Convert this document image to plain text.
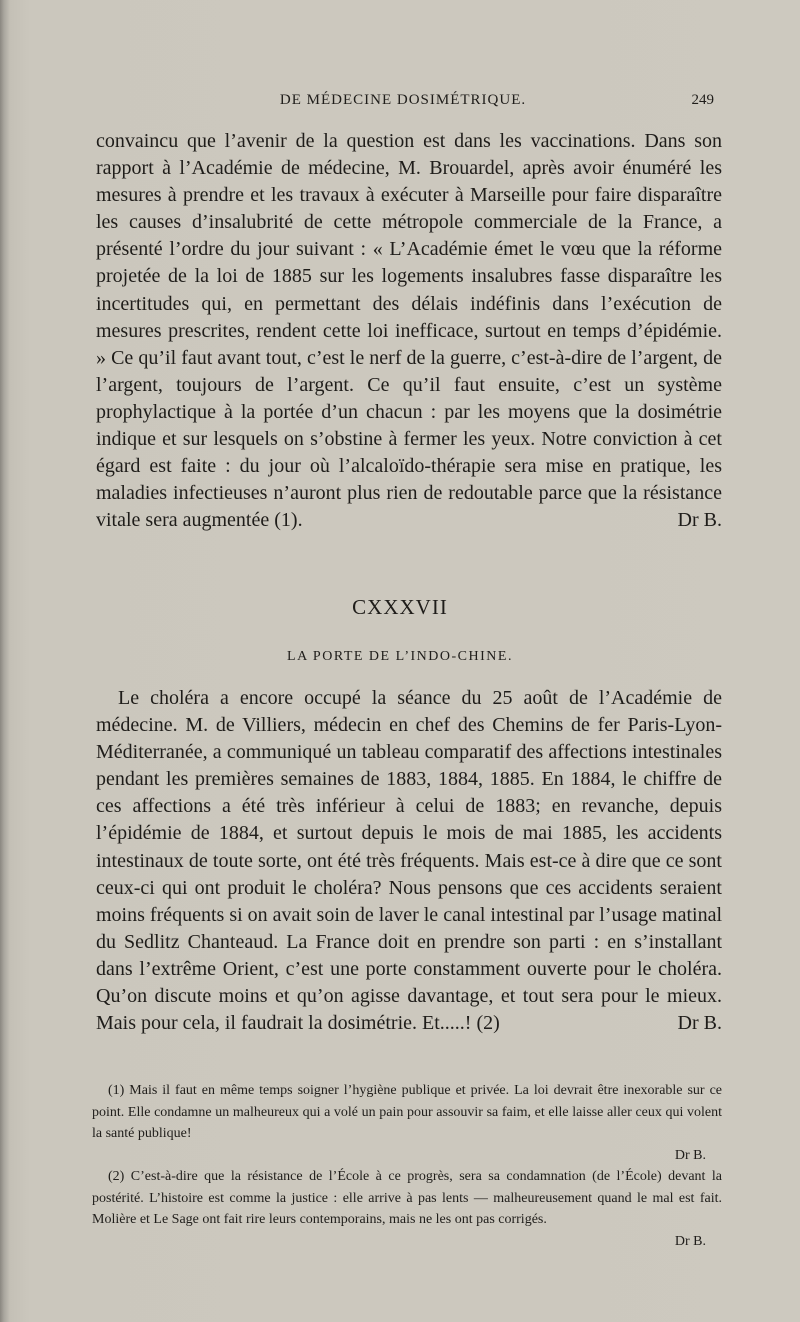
DE MÉDECINE DOSIMÉTRIQUE.	249

convaincu que l’avenir de la question est dans les vaccinations. Dans son rapport à l’Académie de médecine, M. Brouardel, après avoir énuméré les mesures à prendre et les travaux à exécuter à Marseille pour faire disparaître les causes d’insalubrité de cette métropole commerciale de la France, a présenté l’ordre du jour suivant : « L’Académie émet le vœu que la réforme projetée de la loi de 1885 sur les logements insalubres fasse disparaître les incertitudes qui, en permettant des délais indéfinis dans l’exécution de mesures prescrites, rendent cette loi inefficace, surtout en temps d’épidémie. » Ce qu’il faut avant tout, c’est le nerf de la guerre, c’est-à-dire de l’argent, de l’argent, toujours de l’argent. Ce qu’il faut ensuite, c’est un système prophylactique à la portée d’un chacun : par les moyens que la dosimétrie indique et sur lesquels on s’obstine à fermer les yeux. Notre conviction à cet égard est faite : du jour où l’alcaloïdo-thérapie sera mise en pratique, les maladies infectieuses n’auront plus rien de redoutable parce que la résistance vitale sera augmentée (1).	Dr B.

CXXXVII
LA PORTE DE L’INDO-CHINE.

Le choléra a encore occupé la séance du 25 août de l’Académie de médecine. M. de Villiers, médecin en chef des Chemins de fer Paris-Lyon-Méditerranée, a communiqué un tableau comparatif des affections intestinales pendant les premières semaines de 1883, 1884, 1885. En 1884, le chiffre de ces affections a été très inférieur à celui de 1883; en revanche, depuis l’épidémie de 1884, et surtout depuis le mois de mai 1885, les accidents intestinaux de toute sorte, ont été très fréquents. Mais est-ce à dire que ce sont ceux-ci qui ont produit le choléra? Nous pensons que ces accidents seraient moins fréquents si on avait soin de laver le canal intestinal par l’usage matinal du Sedlitz Chanteaud. La France doit en prendre son parti : en s’installant dans l’extrême Orient, c’est une porte constamment ouverte pour le choléra. Qu’on discute moins et qu’on agisse davantage, et tout sera pour le mieux. Mais pour cela, il faudrait la dosimétrie. Et.....! (2)	Dr B.

(1) Mais il faut en même temps soigner l’hygiène publique et privée. La loi devrait être inexorable sur ce point. Elle condamne un malheureux qui a volé un pain pour assouvir sa faim, et elle laisse aller ceux qui volent la santé publique!

Dr B.

(2) C’est-à-dire que la résistance de l’École à ce progrès, sera sa condamnation (de l’École) devant la postérité. L’histoire est comme la justice : elle arrive à pas lents — malheureusement quand le mal est fait. Molière et Le Sage ont fait rire leurs contemporains, mais ne les ont pas corrigés.

Dr B.
